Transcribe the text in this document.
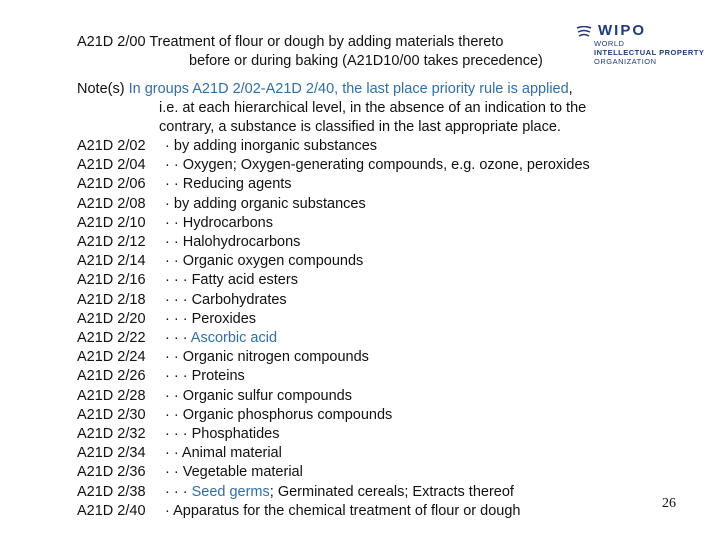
A21D 2/00 Treatment of flour or dough by adding materials thereto
before or during baking (A21D10/00 takes precedence)
WIPO
WORLD
INTELLECTUAL PROPERTY
ORGANIZATION
Note(s) In groups A21D 2/02-A21D 2/40, the last place priority rule is applied,
i.e. at each hierarchical level, in the absence of an indication to the
contrary, a substance is classified in the last appropriate place.
A21D 2/02 · by adding inorganic substances
A21D 2/04 · · Oxygen; Oxygen-generating compounds, e.g. ozone, peroxides
A21D 2/06 · · Reducing agents
A21D 2/08 · by adding organic substances
A21D 2/10 · · Hydrocarbons
A21D 2/12 · · Halohydrocarbons
A21D 2/14 · · Organic oxygen compounds
A21D 2/16 · · · Fatty acid esters
A21D 2/18 · · · Carbohydrates
A21D 2/20 · · · Peroxides
A21D 2/22 · · · Ascorbic acid
A21D 2/24 · · Organic nitrogen compounds
A21D 2/26 · · · Proteins
A21D 2/28 · · Organic sulfur compounds
A21D 2/30 · · Organic phosphorus compounds
A21D 2/32 · · · Phosphatides
A21D 2/34 · · Animal material
A21D 2/36 · · Vegetable material
A21D 2/38 · · · Seed germs; Germinated cereals; Extracts thereof
A21D 2/40 · Apparatus for the chemical treatment of flour or dough	26
